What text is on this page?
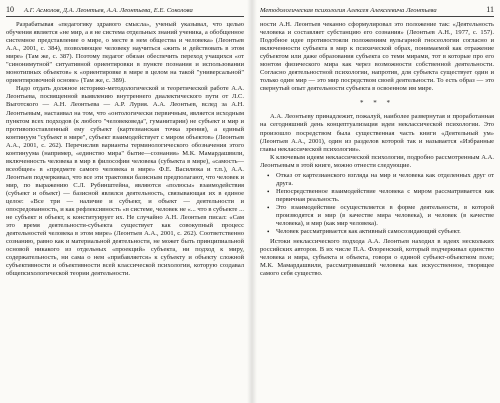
10 А.Г. Асмолов, Д.А. Леонтьев, А.А. Леонтьева, Е.Е. Соколова

Разрабатывая «педагогику здравого смысла», ученый указывал, что целью обучения является «не мир, а я не система отдельных знаний ученика, а обобщенное системное представление о мире, о месте в нем общества и человека» (Леонтьев А.А., 2001, с. 384), позволяющее человеку научиться «жить и действовать в этом мире» (Там же, с. 387). Поэтому педагог обязан обеспечить переход учащихся «от "синонимутной" ситуативной ориентировки в пункте познания и использовании монотипных объектов» к «ориентировке в мире в целом на такой "универсальной" ориентировочной основе» (Там же, с. 389).

Надо отдать должное историко-методологической и теоретической работе А.А. Леонтьева, посвященной выявлению внутреннего диалектического пути от Л.С. Выготского — А.Н. Леонтьева — А.Р. Лурия. А.А. Леонтьев, вслед за А.Н. Леонтьевым, настаивал на том, что «онтологически первичным, является исходным пунктом всех подходов (к любого "человековеда", гуманитарии) не субъект и мир и противопоставленный ему субъект (картезианская точка зрения), а единый континуум "субъект в мире", субъект взаимодействует с миром объектов» (Леонтьев А.А., 2001, с. 262). Перечислив варианты терминологического обозначения этого континуума (например, «единство мира" бытие—сознания» М.К. Мамардашвили, включенность человека в мир в философии человека (субъекта в мире), «самость—всеобщее» в «предмете самого человека в мире» Ф.Е. Василюка и т.п.), А.А. Леонтьев подчеркивал, что все эти трактовки базисным предполагают, что человек и мир, по выражению С.Л. Рубинштейна, являются «полюсы» взаимодействия (субъект и объект) — базисной являлся деятельность, связывающая их в единое целое: «Все три — наличие и субъект, и объект — деятельности и опосредованность, и как рефлексивность «в системе, человек не «... что в субъекте ... не субъект и объект, к конституирует их. Не случайно А.Н. Леонтьев писал: «Сам это время деятельности-субъекта существует как совокупный процесс деятельностей человека в этом мире» (Леонтьев А.А., 2001, с. 262). Соответственно сознанию, равно как и материальной деятельности, не может быть принципиальной основой никакого из отдельных «проекций» субъекта, ни подход к миру, содержательность, ни сама о нем «прибавляется» к субъекту и объекту сложной субъективности и объективности всей классической психологии, которую создавал общепсихологической теории деятельности.

Методологическая психология Алексея Алексеевича Леонтьева	11

ности А.Н. Леонтьев чеканно сформулировал это положение так: «Деятельность человека и составляет субстанцию его сознания» (Леонтьев А.Н., 1977, с. 157). Подобное идее противостояли положениям вульгарной гносеологии согласно и включенности субъекта в мир к психической обраx, понимаемой как отражение субъектом или даже образования субъекта со теми мирами, тот в которые про его монтом физического мира как через возможности собственной деятельности. Согласно деятельностной психологии, напротив, для субъекта существует один и только один мир — это мир посредством своей деятельности. То есть образ — это свернутый опыт деятельности субъекта в освоенном им мире.

* * *

А.А. Леонтьеву принадлежит, пожалуй, наиболее развернутая и проработанная на сегодняшний день концептуализация идеи неклассической психологии. Это произошло посредством была существенная часть книги «Деятельный ум» (Леонтьев А.А., 2001), один из разделов которой так и называется «Избранные главы неклассической психологии».

К ключевым идеям неклассической психологии, подробно рассмотренным А.А. Леонтьевым в этой книге, можно отнести следующие.

• Отказ от картезианского взгляда на мир и человека как отделенных друг от друга.
• Непосредственное взаимодействие человека с миром рассматривается как первичная реальность.
• Это взаимодействие осуществляется в форме деятельности, в которой производятся и мир (в качестве мира человека), и человек (в качестве человека), и мир (как мир человека).
• Человек рассматривается как активный самосозидающий субъект.

Истоки неклассического подхода А.А. Леонтьев находил в идеях нескольких российских авторов. В их числе П.А. Флоренский, который подчеркивал единство человека и мира, субъекта и объекта, говоря о единой субъект-объектном поле; М.К. Мамардашвили, рассматривавший человека как искусственное, творящее самого себя существо.
